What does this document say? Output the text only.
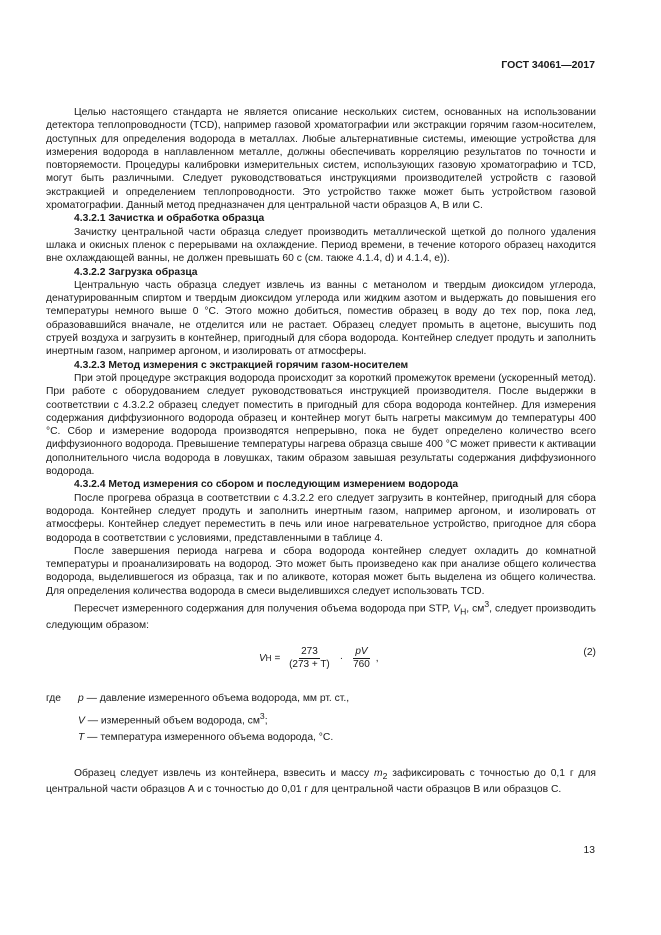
ГОСТ 34061—2017

Целью настоящего стандарта не является описание нескольких систем, основанных на использовании детектора теплопроводности (TCD), например газовой хроматографии или экстракции горячим газом-носителем, доступных для определения водорода в металлах. Любые альтернативные системы, имеющие устройства для измерения водорода в наплавленном металле, должны обеспечивать корреляцию результатов по точности и повторяемости. Процедуры калибровки измерительных систем, использующих газовую хроматографию и TCD, могут быть различными. Следует руководствоваться инструкциями производителей устройств с газовой экстракцией и определением теплопроводности. Это устройство также может быть устройством газовой хроматографии. Данный метод предназначен для центральной части образцов А, В или С.

4.3.2.1 Зачистка и обработка образца

Зачистку центральной части образца следует производить металлической щеткой до полного удаления шлака и окисных пленок с перерывами на охлаждение. Период времени, в течение которого образец находится вне охлаждающей ванны, не должен превышать 60 с (см. также 4.1.4, d) и 4.1.4, e)).

4.3.2.2 Загрузка образца

Центральную часть образца следует извлечь из ванны с метанолом и твердым диоксидом углерода, денатурированным спиртом и твердым диоксидом углерода или жидким азотом и выдержать до повышения его температуры немного выше 0 °C. Этого можно добиться, поместив образец в воду до тех пор, пока лед, образовавшийся вначале, не отделится или не растает. Образец следует промыть в ацетоне, высушить под струей воздуха и загрузить в контейнер, пригодный для сбора водорода. Контейнер следует продуть и заполнить инертным газом, например аргоном, и изолировать от атмосферы.

4.3.2.3 Метод измерения с экстракцией горячим газом-носителем

При этой процедуре экстракция водорода происходит за короткий промежуток времени (ускоренный метод). При работе с оборудованием следует руководствоваться инструкцией производителя. После выдержки в соответствии с 4.3.2.2 образец следует поместить в пригодный для сбора водорода контейнер. Для измерения содержания диффузионного водорода образец и контейнер могут быть нагреты максимум до температуры 400 °C. Сбор и измерение водорода производятся непрерывно, пока не будет определено количество всего диффузионного водорода. Превышение температуры нагрева образца свыше 400 °C может привести к активации дополнительного числа водорода в ловушках, таким образом завышая результаты содержания диффузионного водорода.

4.3.2.4 Метод измерения со сбором и последующим измерением водорода

После прогрева образца в соответствии с 4.3.2.2 его следует загрузить в контейнер, пригодный для сбора водорода. Контейнер следует продуть и заполнить инертным газом, например аргоном, и изолировать от атмосферы. Контейнер следует переместить в печь или иное нагревательное устройство, пригодное для сбора водорода в соответствии с условиями, представленными в таблице 4.

После завершения периода нагрева и сбора водорода контейнер следует охладить до комнатной температуры и проанализировать на водород. Это может быть произведено как при анализе общего количества водорода, выделившегося из образца, так и по аликвоте, которая может быть выделена из общего количества. Для определения количества водорода в смеси выделившихся следует использовать TCD.

Пересчет измеренного содержания для получения объема водорода при STP, $V_H$, $см^3$, следует производить следующим образом:

V $H = \frac{273}{(273 + T)} \cdot \frac{pV}{760}$ ,
(2)
где	p — давление измеренного объема водорода, мм рт. ст.,
V — измеренный объем водорода, $см^3$;
T — температура измеренного объема водорода, °C.

Образец следует извлечь из контейнера, взвесить и массу $m_2$ зафиксировать с точностью до 0,1 г для центральной части образцов А и с точностью до 0,01 г для центральной части образцов В или образцов С.

13
